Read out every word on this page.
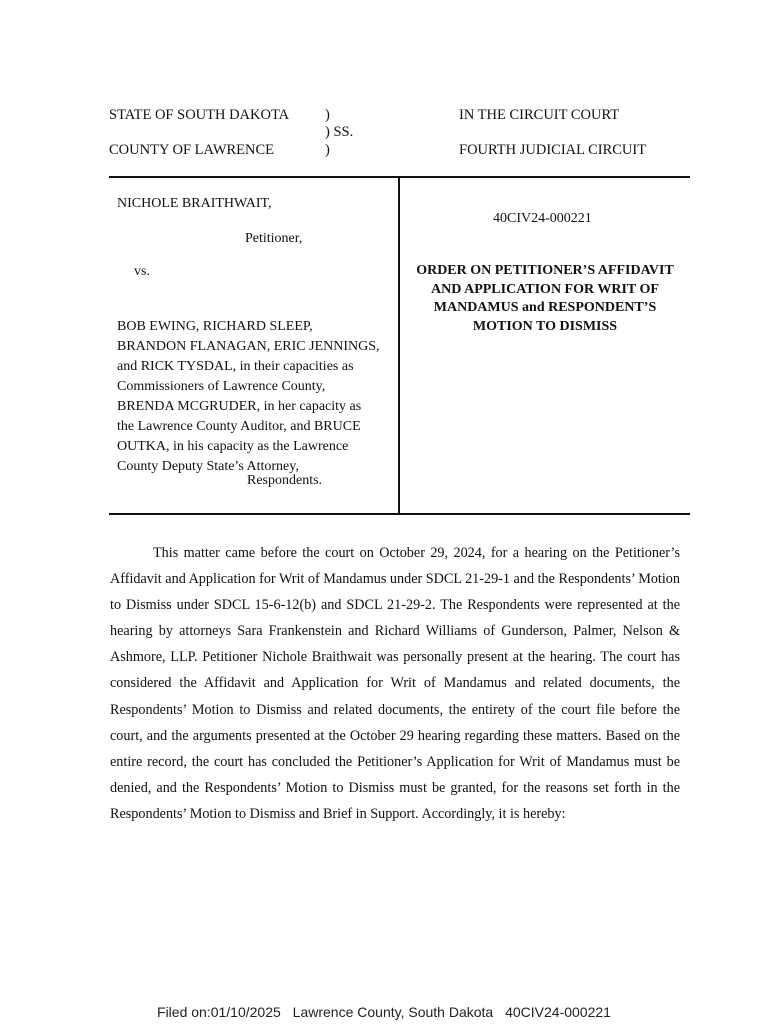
STATE OF SOUTH DAKOTA )
) SS.
COUNTY OF LAWRENCE	)
IN THE CIRCUIT COURT
FOURTH JUDICIAL CIRCUIT
NICHOLE BRAITHWAIT,
Petitioner,
vs.
BOB EWING, RICHARD SLEEP,
BRANDON FLANAGAN, ERIC JENNINGS,
and RICK TYSDAL, in their capacities as
Commissioners of Lawrence County,
BRENDA MCGRUDER, in her capacity as
the Lawrence County Auditor, and BRUCE
OUTKA, in his capacity as the Lawrence
County Deputy State’s Attorney,
Respondents.
40CIV24-000221
ORDER ON PETITIONER’S AFFIDAVIT
AND APPLICATION FOR WRIT OF
MANDAMUS and RESPONDENT’S
MOTION TO DISMISS
This matter came before the court on October 29, 2024, for a hearing on the Petitioner’s Affidavit and Application for Writ of Mandamus under SDCL 21-29-1 and the Respondents’ Motion to Dismiss under SDCL 15-6-12(b) and SDCL 21-29-2. The Respondents were represented at the hearing by attorneys Sara Frankenstein and Richard Williams of Gunderson, Palmer, Nelson & Ashmore, LLP. Petitioner Nichole Braithwait was personally present at the hearing. The court has considered the Affidavit and Application for Writ of Mandamus and related documents, the Respondents’ Motion to Dismiss and related documents, the entirety of the court file before the court, and the arguments presented at the October 29 hearing regarding these matters. Based on the entire record, the court has concluded the Petitioner’s Application for Writ of Mandamus must be denied, and the Respondents’ Motion to Dismiss must be granted, for the reasons set forth in the Respondents’ Motion to Dismiss and Brief in Support. Accordingly, it is hereby:
Filed on:01/10/2025 Lawrence County, South Dakota 40CIV24-000221
